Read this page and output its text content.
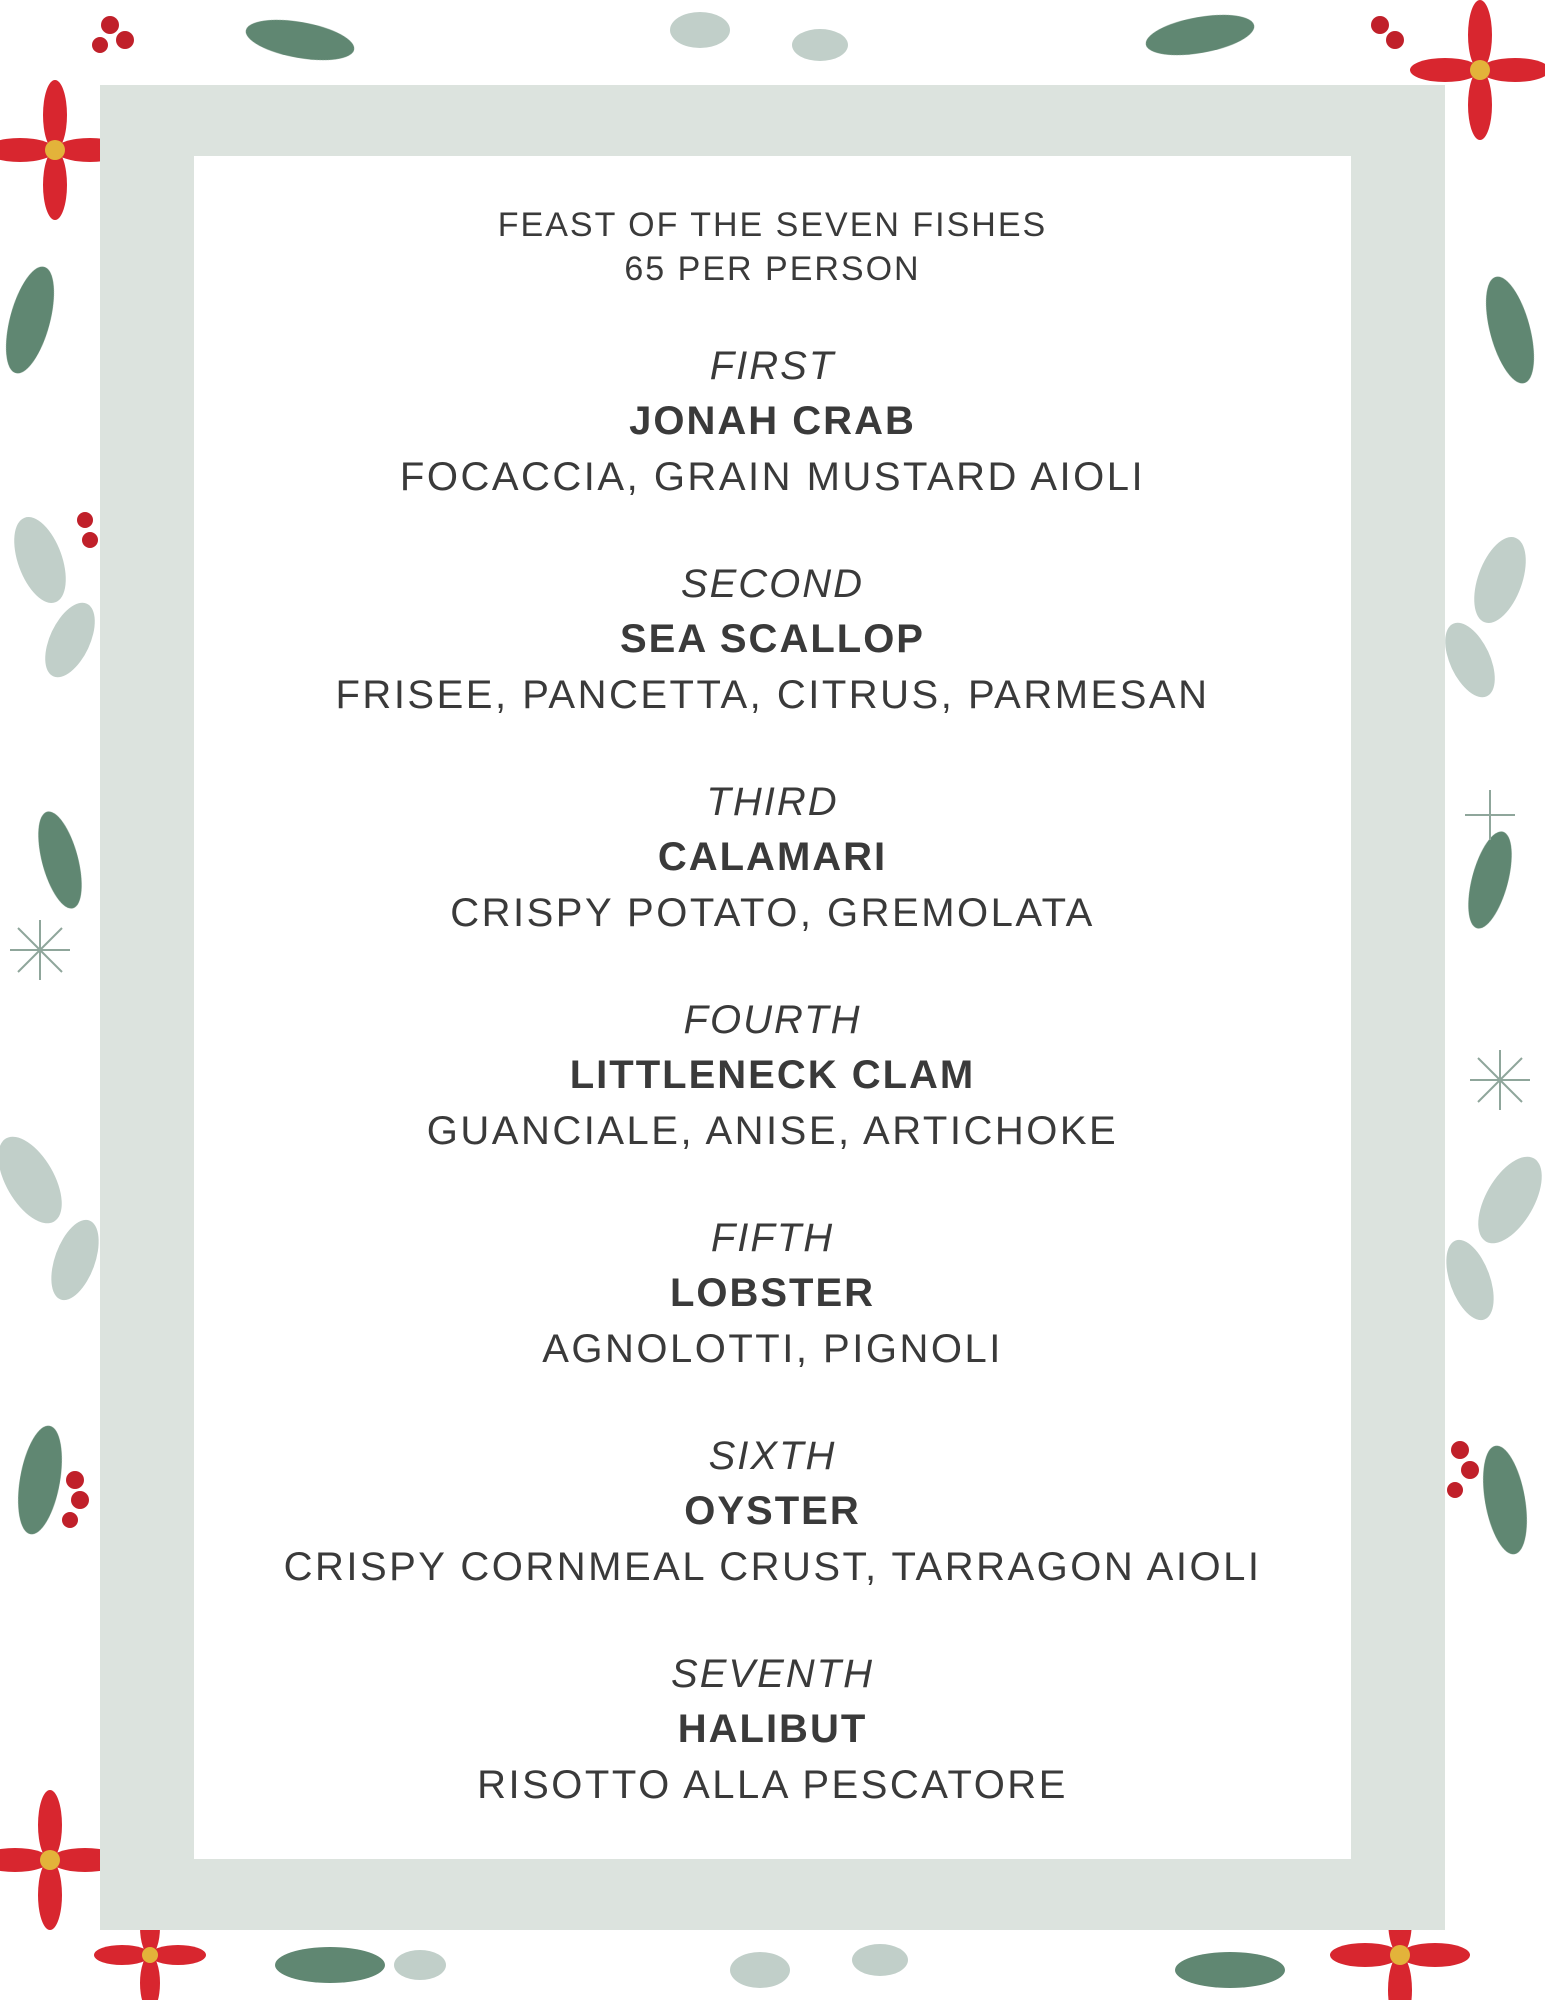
FEAST OF THE SEVEN FISHES
65 PER PERSON
FIRST
JONAH CRAB
FOCACCIA, GRAIN MUSTARD AIOLI
SECOND
SEA SCALLOP
FRISEE, PANCETTA, CITRUS, PARMESAN
THIRD
CALAMARI
CRISPY POTATO, GREMOLATA
FOURTH
LITTLENECK CLAM
GUANCIALE, ANISE, ARTICHOKE
FIFTH
LOBSTER
AGNOLOTTI, PIGNOLI
SIXTH
OYSTER
CRISPY CORNMEAL CRUST, TARRAGON AIOLI
SEVENTH
HALIBUT
RISOTTO ALLA PESCATORE
